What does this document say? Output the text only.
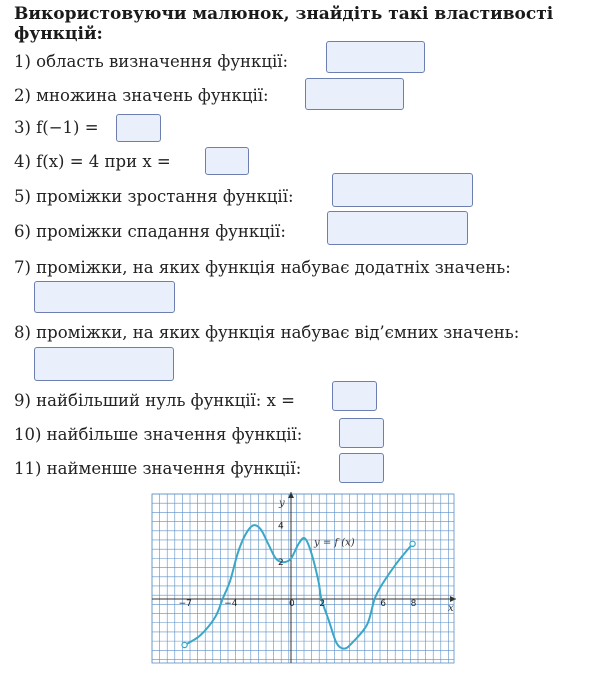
Використовуючи малюнок, знайдіть такі властивості функцій:
1) область визначення функції:
2) множина значень функції:
3) f(−1) =
4) f(x) = 4 при x =
5) проміжки зростання функції:
6) проміжки спадання функції:
7) проміжки, на яких функція набуває додатніх значень:
8) проміжки, на яких функція набуває від’ємних значень:
9) найбільший нуль функції: x =
10) найбільше значення функції:
11) найменше значення функції:
−7	−4	0	2	6	8
4
2
y
x
y = f (x)
